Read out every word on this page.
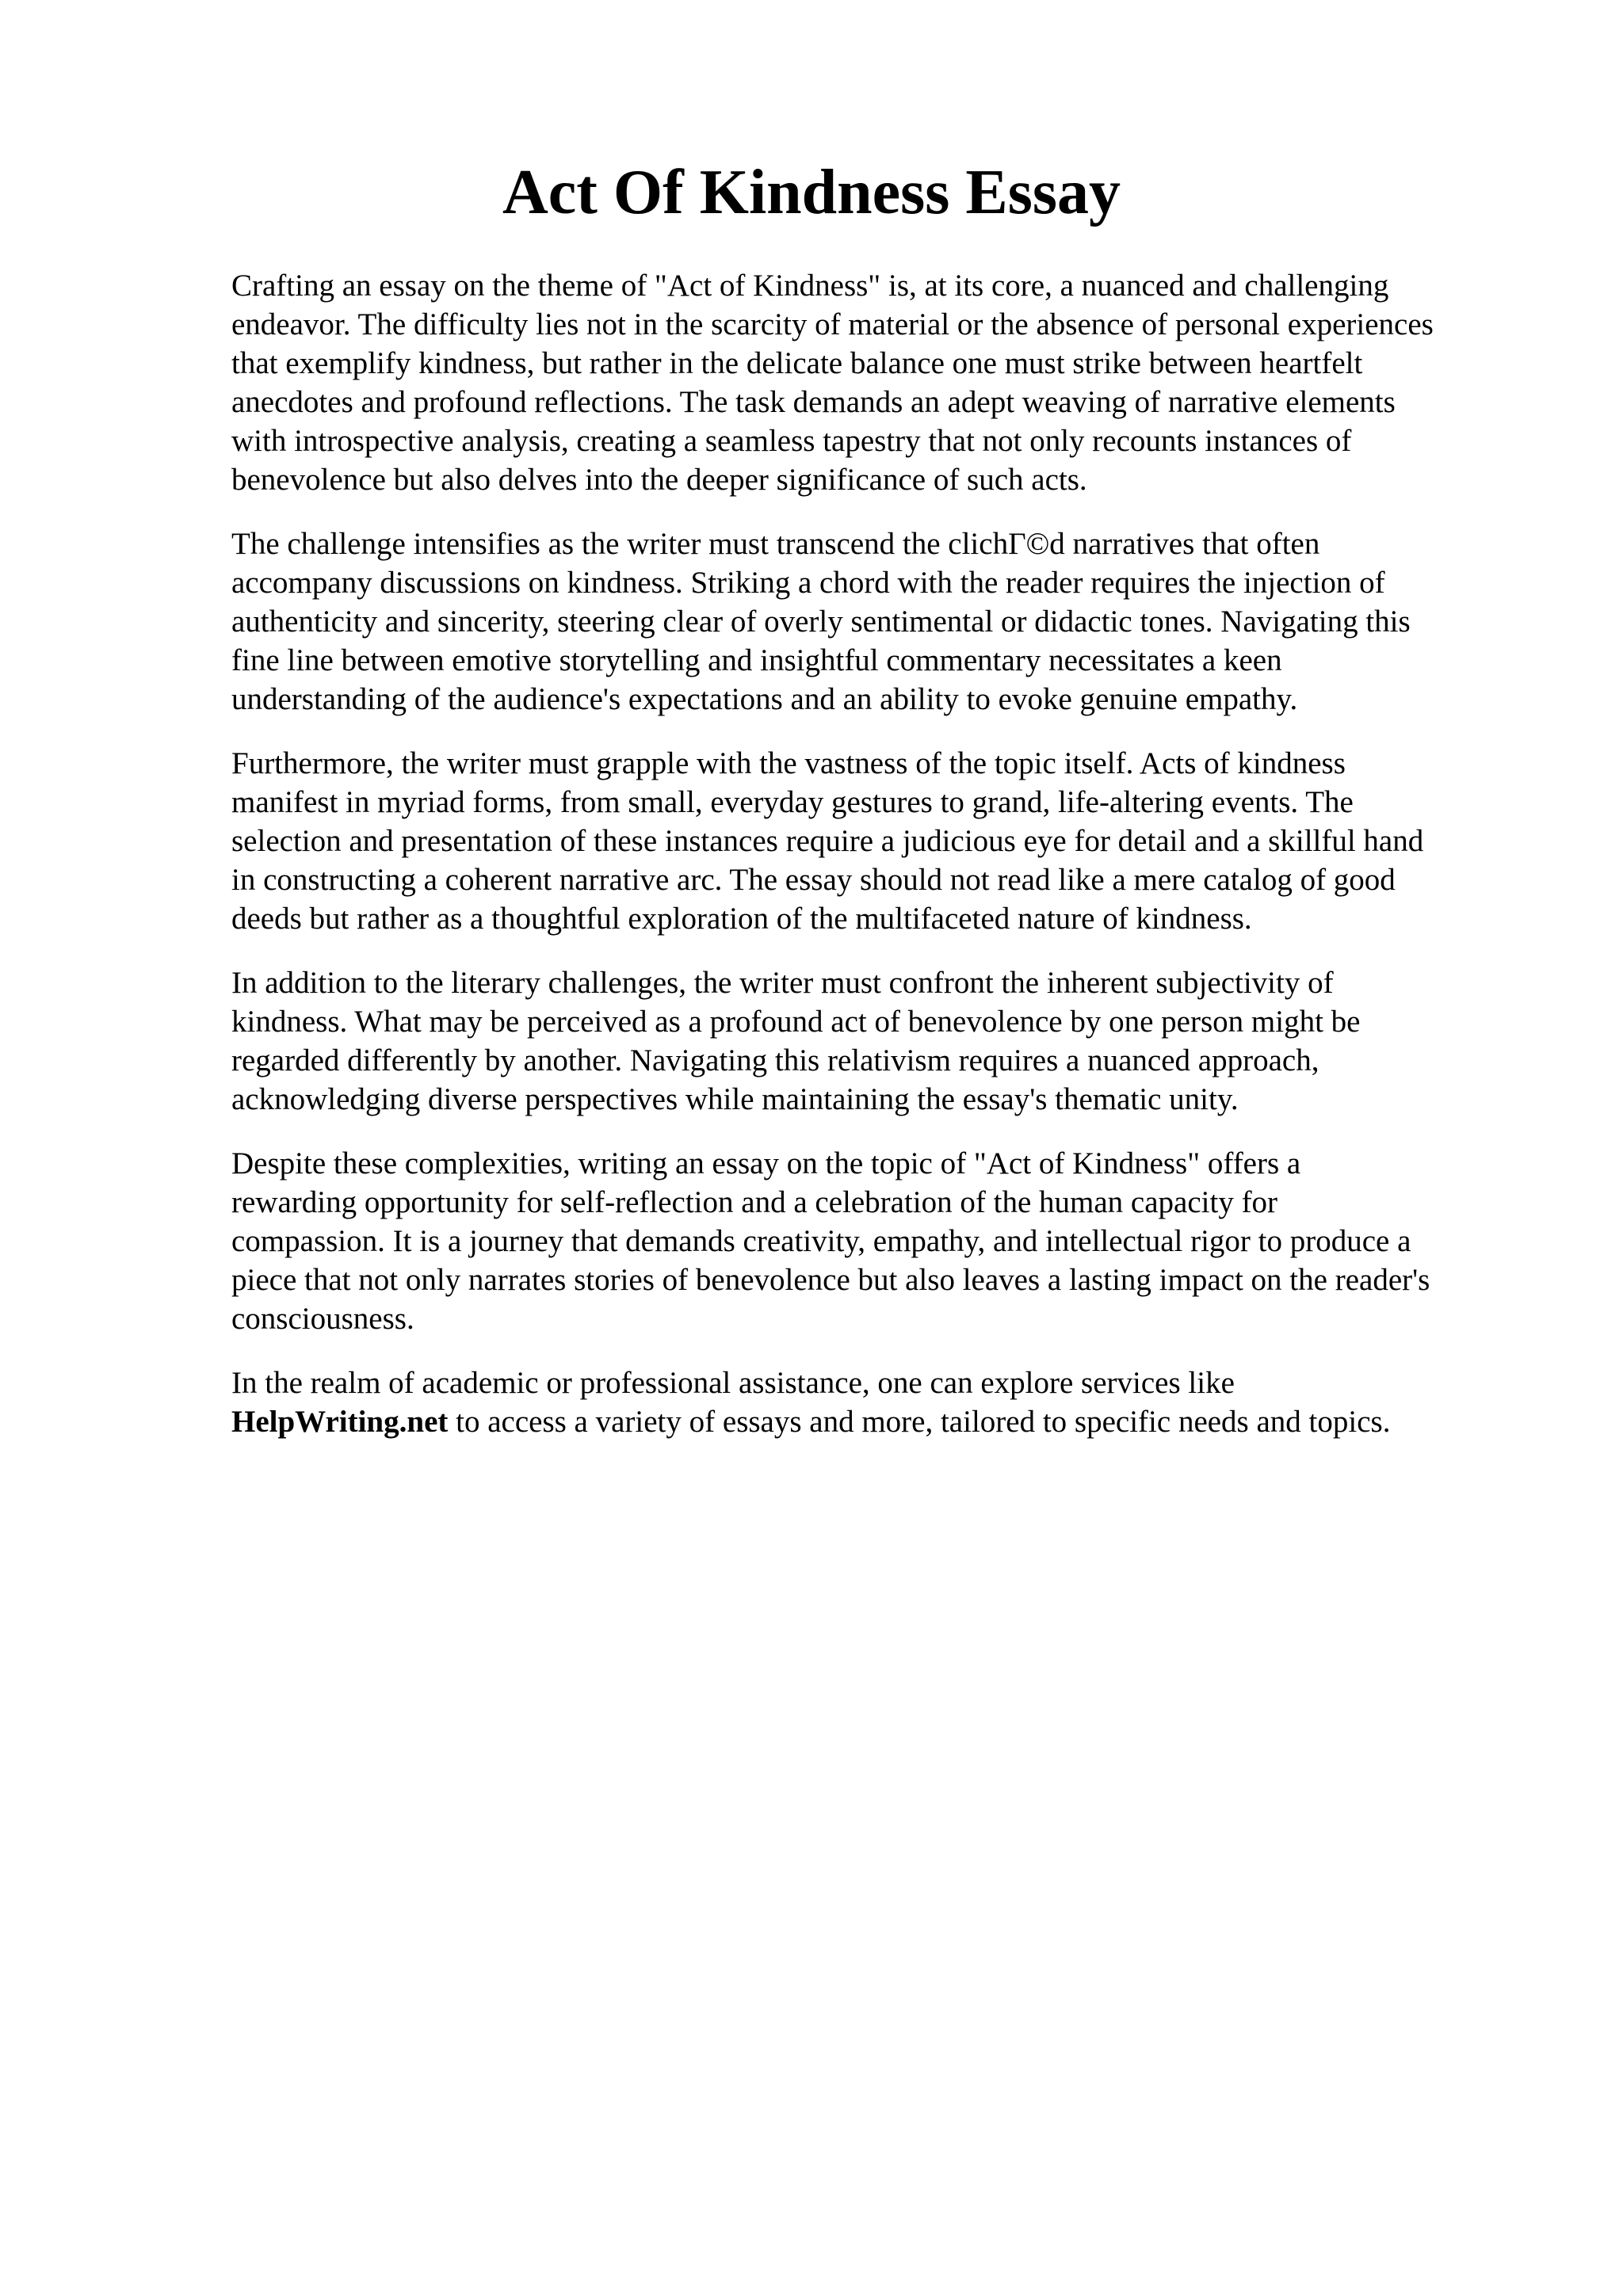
Act Of Kindness Essay
Crafting an essay on the theme of "Act of Kindness" is, at its core, a nuanced and challenging
endeavor. The difficulty lies not in the scarcity of material or the absence of personal experiences
that exemplify kindness, but rather in the delicate balance one must strike between heartfelt
anecdotes and profound reflections. The task demands an adept weaving of narrative elements
with introspective analysis, creating a seamless tapestry that not only recounts instances of
benevolence but also delves into the deeper significance of such acts.
The challenge intensifies as the writer must transcend the clichΓ©d narratives that often
accompany discussions on kindness. Striking a chord with the reader requires the injection of
authenticity and sincerity, steering clear of overly sentimental or didactic tones. Navigating this
fine line between emotive storytelling and insightful commentary necessitates a keen
understanding of the audience's expectations and an ability to evoke genuine empathy.
Furthermore, the writer must grapple with the vastness of the topic itself. Acts of kindness
manifest in myriad forms, from small, everyday gestures to grand, life-altering events. The
selection and presentation of these instances require a judicious eye for detail and a skillful hand
in constructing a coherent narrative arc. The essay should not read like a mere catalog of good
deeds but rather as a thoughtful exploration of the multifaceted nature of kindness.
In addition to the literary challenges, the writer must confront the inherent subjectivity of
kindness. What may be perceived as a profound act of benevolence by one person might be
regarded differently by another. Navigating this relativism requires a nuanced approach,
acknowledging diverse perspectives while maintaining the essay's thematic unity.
Despite these complexities, writing an essay on the topic of "Act of Kindness" offers a
rewarding opportunity for self-reflection and a celebration of the human capacity for
compassion. It is a journey that demands creativity, empathy, and intellectual rigor to produce a
piece that not only narrates stories of benevolence but also leaves a lasting impact on the reader's
consciousness.
In the realm of academic or professional assistance, one can explore services like
HelpWriting.net to access a variety of essays and more, tailored to specific needs and topics.
